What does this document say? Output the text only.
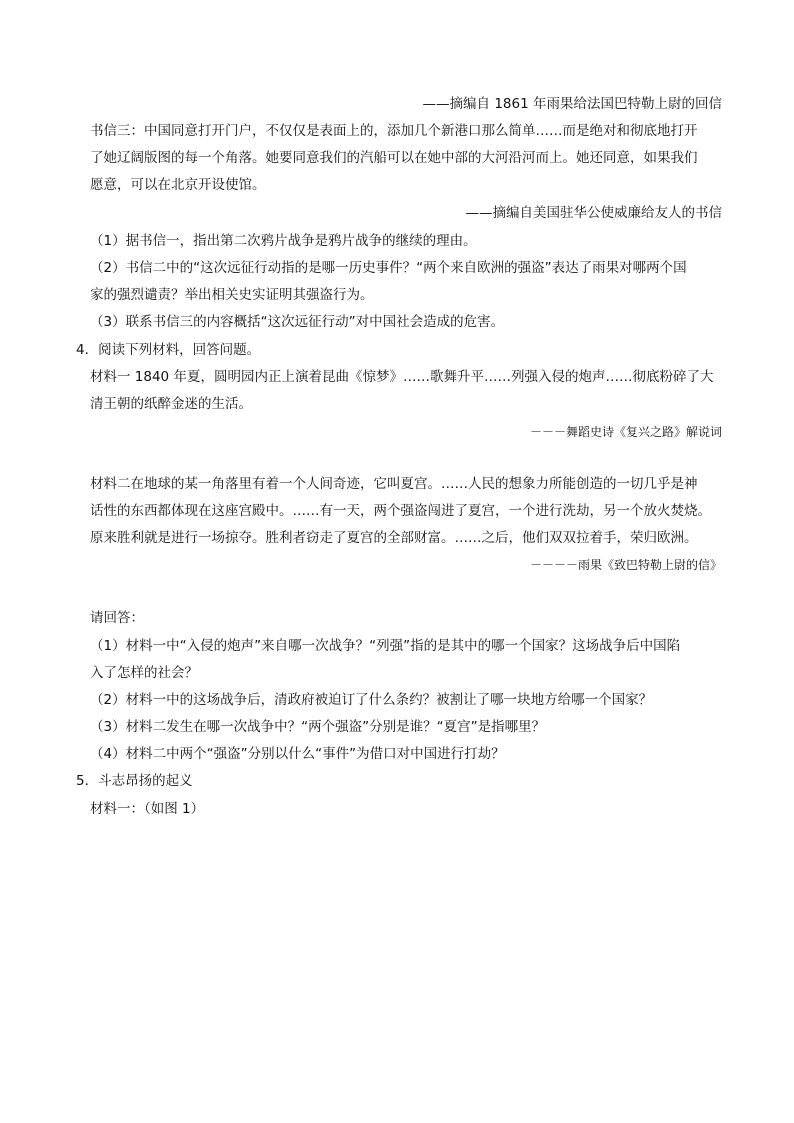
——摘编自 1861 年雨果给法国巴特勒上尉的回信
书信三：中国同意打开门户，不仅仅是表面上的，添加几个新港口那么简单……而是绝对和彻底地打开
了她辽阔版图的每一个角落。她要同意我们的汽船可以在她中部的大河沿河而上。她还同意，如果我们
愿意，可以在北京开设使馆。
——摘编自美国驻华公使威廉给友人的书信
（1）据书信一，指出第二次鸦片战争是鸦片战争的继续的理由。
（2）书信二中的“这次远征行动指的是哪一历史事件？“两个来自欧洲的强盗”表达了雨果对哪两个国
家的强烈谴责？举出相关史实证明其强盗行为。
（3）联系书信三的内容概括“这次远征行动”对中国社会造成的危害。
4．阅读下列材料，回答问题。
材料一 1840 年夏，圆明园内正上演着昆曲《惊梦》……歌舞升平……列强入侵的炮声……彻底粉碎了大
清王朝的纸醉金迷的生活。
－－－舞蹈史诗《复兴之路》解说词
材料二在地球的某一角落里有着一个人间奇迹，它叫夏宫。……人民的想象力所能创造的一切几乎是神
话性的东西都体现在这座宫殿中。……有一天，两个强盗闯进了夏宫，一个进行洗劫，另一个放火焚烧。
原来胜利就是进行一场掠夺。胜利者窃走了夏宫的全部财富。……之后，他们双双拉着手，荣归欧洲。
－－－－雨果《致巴特勒上尉的信》
请回答：
（1）材料一中“入侵的炮声”来自哪一次战争？“列强”指的是其中的哪一个国家？这场战争后中国陷
入了怎样的社会？
（2）材料一中的这场战争后，清政府被迫订了什么条约？被割让了哪一块地方给哪一个国家？
（3）材料二发生在哪一次战争中？“两个强盗”分别是谁？“夏宫”是指哪里？
（4）材料二中两个“强盗”分别以什么“事件”为借口对中国进行打劫？
5．斗志昂扬的起义
材料一：（如图 1）
